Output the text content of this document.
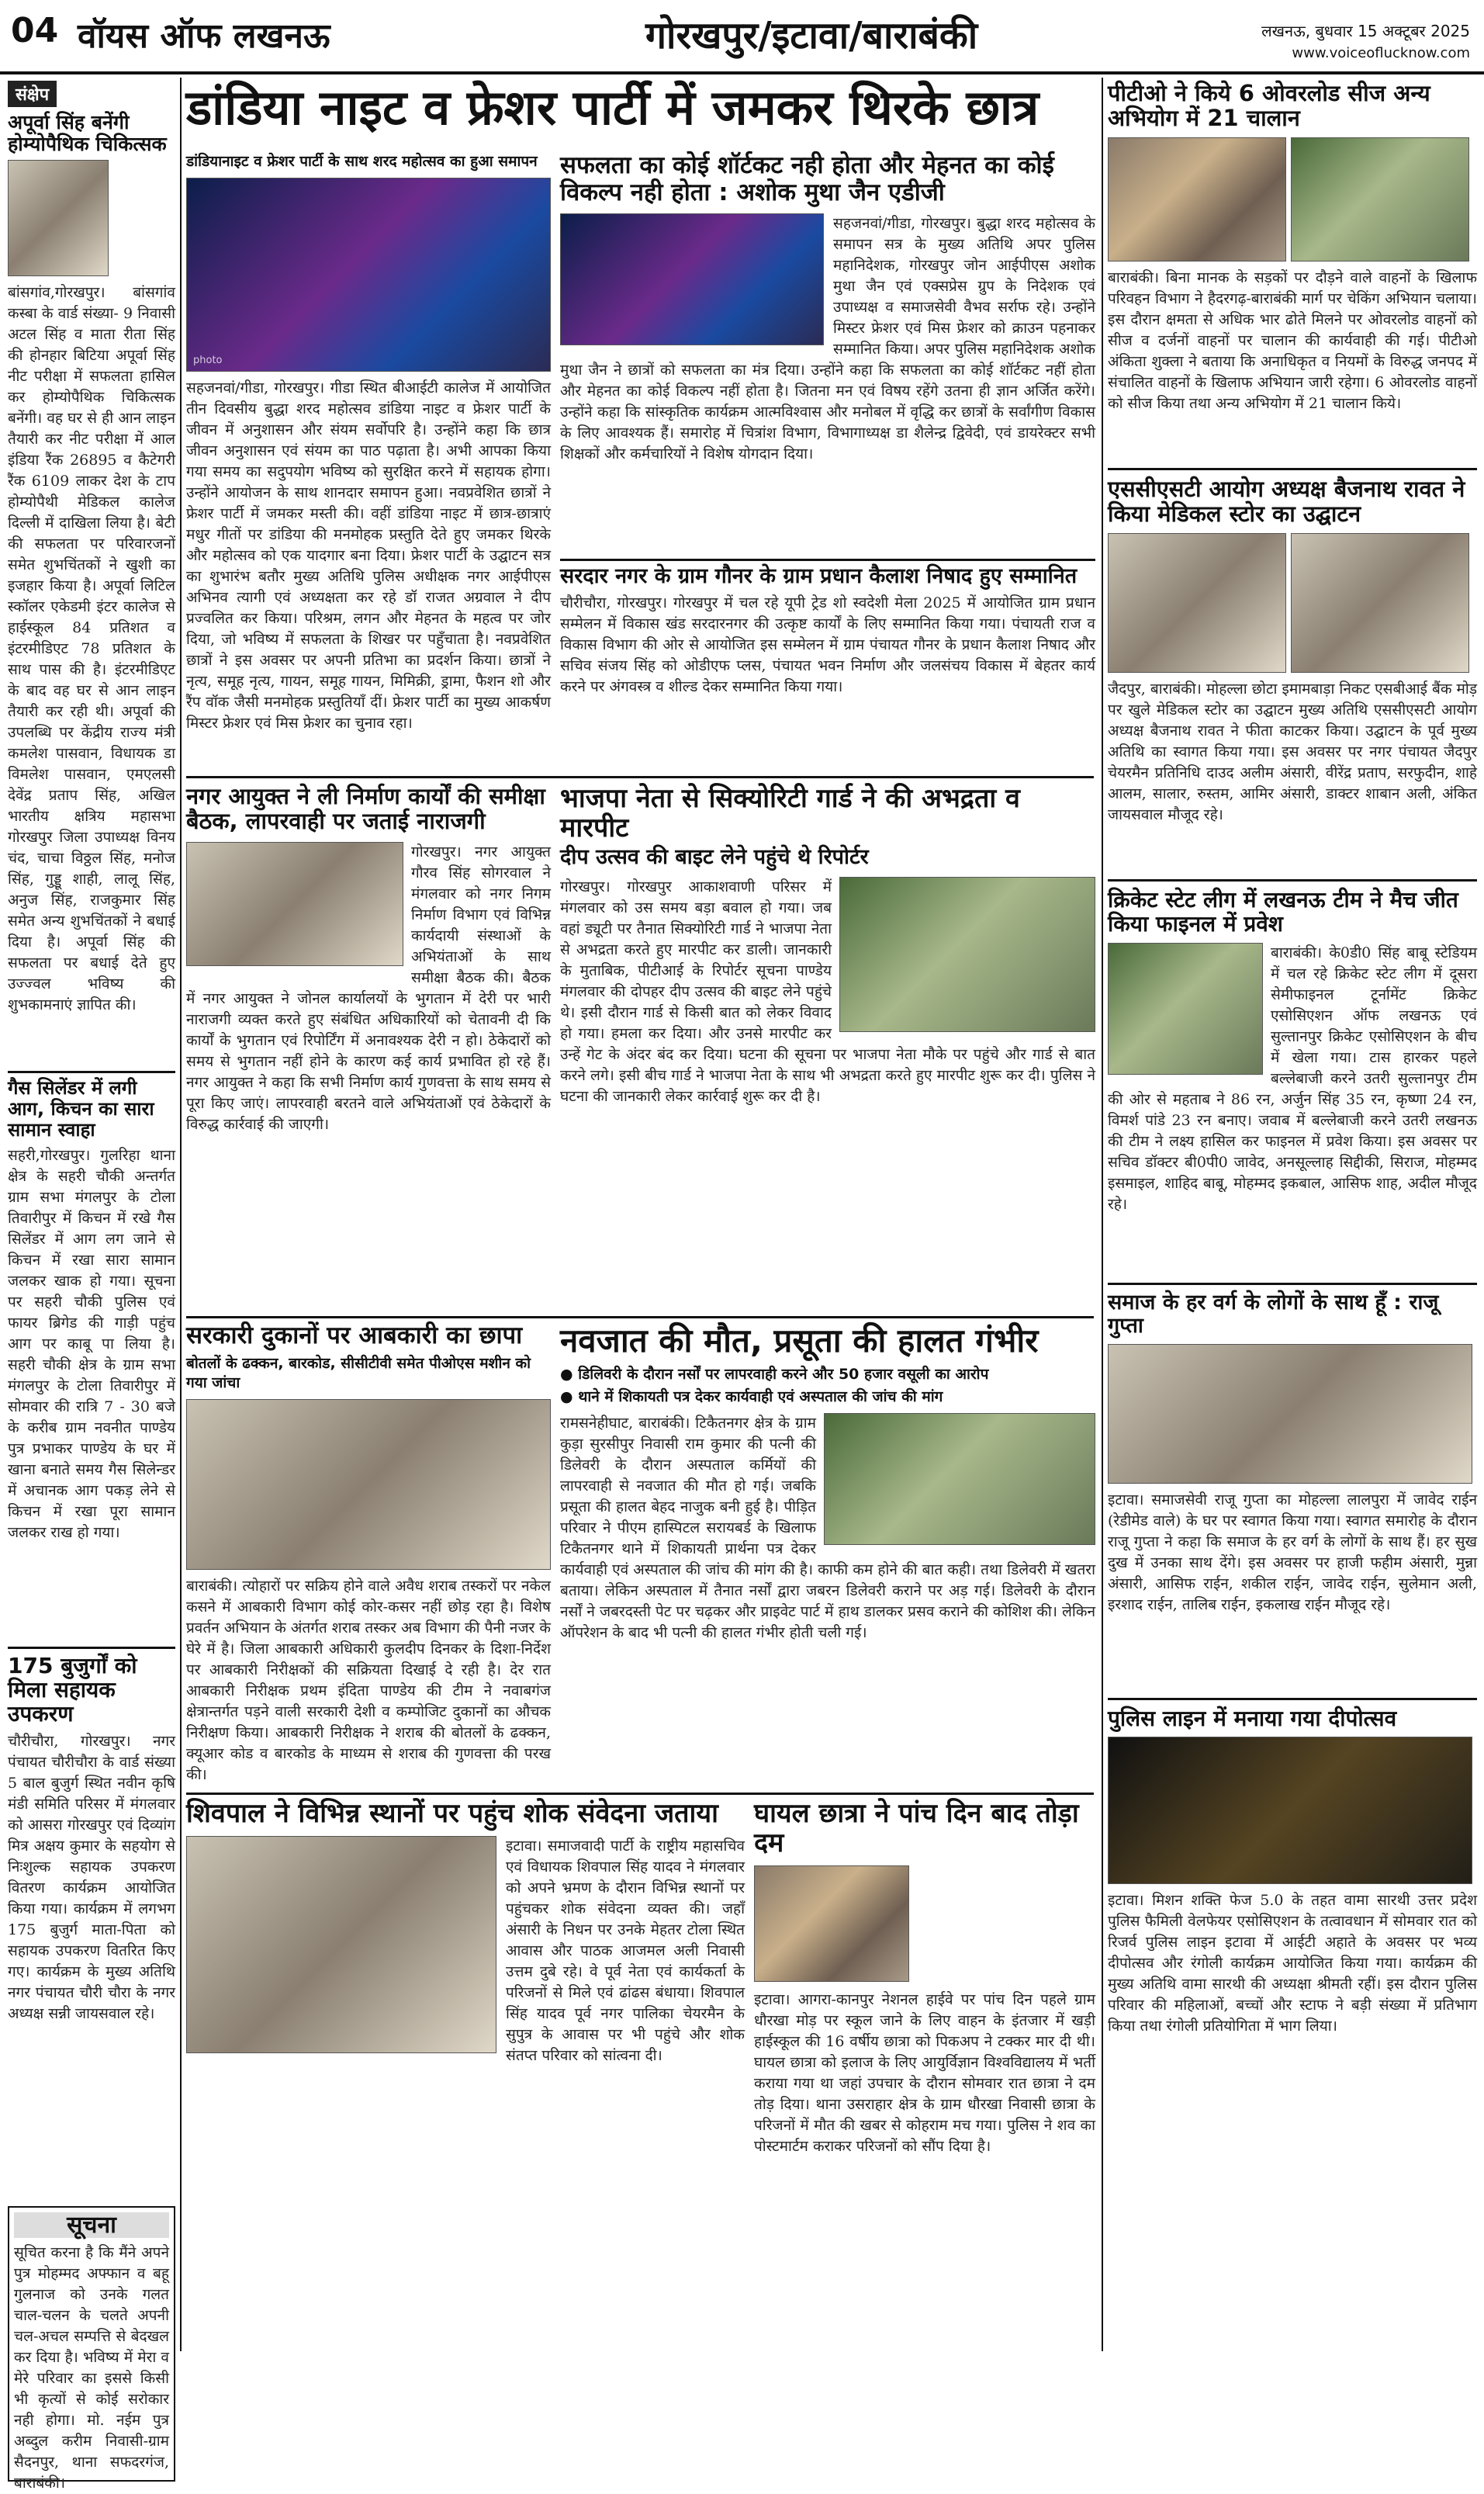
04 वॉयस ऑफ लखनऊ	गोरखपुर/इटावा/बाराबंकी	लखनऊ, बुधवार 15 अक्टूबर 2025
www.voiceoflucknow.com
संक्षेप
अपूर्वा सिंह बनेंगी होम्योपैथिक चिकित्सक
बांसगांव,गोरखपुर। बांसगांव कस्बा के वार्ड संख्या- 9 निवासी अटल सिंह व माता रीता सिंह की होनहार बिटिया अपूर्वा सिंह नीट परीक्षा में सफलता हासिल कर होम्योपैथिक चिकित्सक बनेंगी। वह घर से ही आन लाइन तैयारी कर नीट परीक्षा में आल इंडिया रैंक 26895 व कैटेगरी रैंक 6109 लाकर देश के टाप होम्योपैथी मेडिकल कालेज दिल्ली में दाखिला लिया है। बेटी की सफलता पर परिवारजनों समेत शुभचिंतकों ने खुशी का इजहार किया है। अपूर्वा लिटिल स्कॉलर एकेडमी इंटर कालेज से हाईस्कूल 84 प्रतिशत व इंटरमीडिएट 78 प्रतिशत के साथ पास की है। इंटरमीडिएट के बाद वह घर से आन लाइन तैयारी कर रही थी। अपूर्वा की उपलब्धि पर केंद्रीय राज्य मंत्री कमलेश पासवान, विधायक डा विमलेश पासवान, एमएलसी देवेंद्र प्रताप सिंह, अखिल भारतीय क्षत्रिय महासभा गोरखपुर जिला उपाध्यक्ष विनय चंद, चाचा विठ्ठल सिंह, मनोज सिंह, गुड्डू शाही, लालू सिंह, अनुज सिंह, राजकुमार सिंह समेत अन्य शुभचिंतकों ने बधाई दिया है। अपूर्वा सिंह की सफलता पर बधाई देते हुए उज्ज्वल भविष्य की शुभकामनाएं ज्ञापित की।
गैस सिलेंडर में लगी आग, किचन का सारा सामान स्वाहा
सहरी,गोरखपुर। गुलरिहा थाना क्षेत्र के सहरी चौकी अन्तर्गत ग्राम सभा मंगलपुर के टोला तिवारीपुर में किचन में रखे गैस सिलेंडर में आग लग जाने से किचन में रखा सारा सामान जलकर खाक हो गया। सूचना पर सहरी चौकी पुलिस एवं फायर ब्रिगेड की गाड़ी पहुंच आग पर काबू पा लिया है। सहरी चौकी क्षेत्र के ग्राम सभा मंगलपुर के टोला तिवारीपुर में सोमवार की रात्रि 7 - 30 बजे के करीब ग्राम नवनीत पाण्डेय पुत्र प्रभाकर पाण्डेय के घर में खाना बनाते समय गैस सिलेन्डर में अचानक आग पकड़ लेने से किचन में रखा पूरा सामान जलकर राख हो गया।
175 बुजुर्गों को मिला सहायक उपकरण
चौरीचौरा, गोरखपुर। नगर पंचायत चौरीचौरा के वार्ड संख्या 5 बाल बुजुर्ग स्थित नवीन कृषि मंडी समिति परिसर में मंगलवार को आसरा गोरखपुर एवं दिव्यांग मित्र अक्षय कुमार के सहयोग से निःशुल्क सहायक उपकरण वितरण कार्यक्रम आयोजित किया गया। कार्यक्रम में लगभग 175 बुजुर्ग माता-पिता को सहायक उपकरण वितरित किए गए। कार्यक्रम के मुख्य अतिथि नगर पंचायत चौरी चौरा के नगर अध्यक्ष सन्नी जायसवाल रहे।
सूचना
सूचित करना है कि मैंने अपने पुत्र मोहम्मद अफ्फान व बहू गुलनाज को उनके गलत चाल-चलन के चलते अपनी चल-अचल सम्पत्ति से बेदखल कर दिया है। भविष्य में मेरा व मेरे परिवार का इससे किसी भी कृत्यों से कोई सरोकार नही होगा। मो. नईम पुत्र अब्दुल करीम निवासी-ग्राम सैदनपुर, थाना सफदरगंज, बाराबंकी।
डांडिया नाइट व फ्रेशर पार्टी में जमकर थिरके छात्र
डांडियानाइट व फ्रेशर पार्टी के साथ शरद महोत्सव का हुआ समापन
photo
सहजनवां/गीडा, गोरखपुर। गीडा स्थित बीआईटी कालेज में आयोजित तीन दिवसीय बुद्धा शरद महोत्सव डांडिया नाइट व फ्रेशर पार्टी के जीवन में अनुशासन और संयम सर्वोपरि है। उन्होंने कहा कि छात्र जीवन अनुशासन एवं संयम का पाठ पढ़ाता है। अभी आपका किया गया समय का सदुपयोग भविष्य को सुरक्षित करने में सहायक होगा। उन्होंने आयोजन के साथ शानदार समापन हुआ। नवप्रवेशित छात्रों ने फ्रेशर पार्टी में जमकर मस्ती की। वहीं डांडिया नाइट में छात्र-छात्राएं मधुर गीतों पर डांडिया की मनमोहक प्रस्तुति देते हुए जमकर थिरके और महोत्सव को एक यादगार बना दिया। फ्रेशर पार्टी के उद्घाटन सत्र का शुभारंभ बतौर मुख्य अतिथि पुलिस अधीक्षक नगर आईपीएस अभिनव त्यागी एवं अध्यक्षता कर रहे डॉ राजत अग्रवाल ने दीप प्रज्वलित कर किया। परिश्रम, लगन और मेहनत के महत्व पर जोर दिया, जो भविष्य में सफलता के शिखर पर पहुँचाता है। नवप्रवेशित छात्रों ने इस अवसर पर अपनी प्रतिभा का प्रदर्शन किया। छात्रों ने नृत्य, समूह नृत्य, गायन, समूह गायन, मिमिक्री, ड्रामा, फैशन शो और रैंप वॉक जैसी मनमोहक प्रस्तुतियाँ दीं। फ्रेशर पार्टी का मुख्य आकर्षण मिस्टर फ्रेशर एवं मिस फ्रेशर का चुनाव रहा।
सफलता का कोई शॉर्टकट नही होता और मेहनत का कोई विकल्प नही होता : अशोक मुथा जैन एडीजी
सहजनवां/गीडा, गोरखपुर। बुद्धा शरद महोत्सव के समापन सत्र के मुख्य अतिथि अपर पुलिस महानिदेशक, गोरखपुर जोन आईपीएस अशोक मुथा जैन एवं एक्सप्रेस ग्रुप के निदेशक एवं उपाध्यक्ष व समाजसेवी वैभव सर्राफ रहे। उन्होंने मिस्टर फ्रेशर एवं मिस फ्रेशर को क्राउन पहनाकर सम्मानित किया। अपर पुलिस महानिदेशक अशोक मुथा जैन ने छात्रों को सफलता का मंत्र दिया। उन्होंने कहा कि सफलता का कोई शॉर्टकट नहीं होता और मेहनत का कोई विकल्प नहीं होता है। जितना मन एवं विषय रहेंगे उतना ही ज्ञान अर्जित करेंगे। उन्होंने कहा कि सांस्कृतिक कार्यक्रम आत्मविश्वास और मनोबल में वृद्धि कर छात्रों के सर्वांगीण विकास के लिए आवश्यक हैं। समारोह में चित्रांश विभाग, विभागाध्यक्ष डा शैलेन्द्र द्विवेदी, एवं डायरेक्टर सभी शिक्षकों और कर्मचारियों ने विशेष योगदान दिया।
सरदार नगर के ग्राम गौनर के ग्राम प्रधान कैलाश निषाद हुए सम्मानित
चौरीचौरा, गोरखपुर। गोरखपुर में चल रहे यूपी ट्रेड शो स्वदेशी मेला 2025 में आयोजित ग्राम प्रधान सम्मेलन में विकास खंड सरदारनगर की उत्कृष्ट कार्यों के लिए सम्मानित किया गया। पंचायती राज व विकास विभाग की ओर से आयोजित इस सम्मेलन में ग्राम पंचायत गौनर के प्रधान कैलाश निषाद और सचिव संजय सिंह को ओडीएफ प्लस, पंचायत भवन निर्माण और जलसंचय विकास में बेहतर कार्य करने पर अंगवस्त्र व शील्ड देकर सम्मानित किया गया।
नगर आयुक्त ने ली निर्माण कार्यों की समीक्षा बैठक, लापरवाही पर जताई नाराजगी
गोरखपुर। नगर आयुक्त गौरव सिंह सोगरवाल ने मंगलवार को नगर निगम निर्माण विभाग एवं विभिन्न कार्यदायी संस्थाओं के अभियंताओं के साथ समीक्षा बैठक की। बैठक में नगर आयुक्त ने जोनल कार्यालयों के भुगतान में देरी पर भारी नाराजगी व्यक्त करते हुए संबंधित अधिकारियों को चेतावनी दी कि कार्यों के भुगतान एवं रिपोर्टिंग में अनावश्यक देरी न हो। ठेकेदारों को समय से भुगतान नहीं होने के कारण कई कार्य प्रभावित हो रहे हैं। नगर आयुक्त ने कहा कि सभी निर्माण कार्य गुणवत्ता के साथ समय से पूरा किए जाएं। लापरवाही बरतने वाले अभियंताओं एवं ठेकेदारों के विरुद्ध कार्रवाई की जाएगी।
भाजपा नेता से सिक्योरिटी गार्ड ने की अभद्रता व मारपीट
दीप उत्सव की बाइट लेने पहुंचे थे रिपोर्टर
गोरखपुर। गोरखपुर आकाशवाणी परिसर में मंगलवार को उस समय बड़ा बवाल हो गया। जब वहां ड्यूटी पर तैनात सिक्योरिटी गार्ड ने भाजपा नेता से अभद्रता करते हुए मारपीट कर डाली। जानकारी के मुताबिक, पीटीआई के रिपोर्टर सूचना पाण्डेय मंगलवार की दोपहर दीप उत्सव की बाइट लेने पहुंचे थे। इसी दौरान गार्ड से किसी बात को लेकर विवाद हो गया। हमला कर दिया। और उनसे मारपीट कर उन्हें गेट के अंदर बंद कर दिया। घटना की सूचना पर भाजपा नेता मौके पर पहुंचे और गार्ड से बात करने लगे। इसी बीच गार्ड ने भाजपा नेता के साथ भी अभद्रता करते हुए मारपीट शुरू कर दी। पुलिस ने घटना की जानकारी लेकर कार्रवाई शुरू कर दी है।
सरकारी दुकानों पर आबकारी का छापा
बोतलों के ढक्कन, बारकोड, सीसीटीवी समेत पीओएस मशीन को गया जांचा
बाराबंकी। त्योहारों पर सक्रिय होने वाले अवैध शराब तस्करों पर नकेल कसने में आबकारी विभाग कोई कोर-कसर नहीं छोड़ रहा है। विशेष प्रवर्तन अभियान के अंतर्गत शराब तस्कर अब विभाग की पैनी नजर के घेरे में है। जिला आबकारी अधिकारी कुलदीप दिनकर के दिशा-निर्देश पर आबकारी निरीक्षकों की सक्रियता दिखाई दे रही है। देर रात आबकारी निरीक्षक प्रथम इंदिता पाण्डेय की टीम ने नवाबगंज क्षेत्रान्तर्गत पड़ने वाली सरकारी देशी व कम्पोजिट दुकानों का औचक निरीक्षण किया। आबकारी निरीक्षक ने शराब की बोतलों के ढक्कन, क्यूआर कोड व बारकोड के माध्यम से शराब की गुणवत्ता की परख की।
नवजात की मौत, प्रसूता की हालत गंभीर
● डिलिवरी के दौरान नर्सों पर लापरवाही करने और 50 हजार वसूली का आरोप
● थाने में शिकायती पत्र देकर कार्यवाही एवं अस्पताल की जांच की मांग
रामसनेहीघाट, बाराबंकी। टिकैतनगर क्षेत्र के ग्राम कुड़ा सुरसीपुर निवासी राम कुमार की पत्नी की डिलेवरी के दौरान अस्पताल कर्मियों की लापरवाही से नवजात की मौत हो गई। जबकि प्रसूता की हालत बेहद नाजुक बनी हुई है। पीड़ित परिवार ने पीएम हास्पिटल सरायबर्ड के खिलाफ टिकैतनगर थाने में शिकायती प्रार्थना पत्र देकर कार्यवाही एवं अस्पताल की जांच की मांग की है। काफी कम होने की बात कही। तथा डिलेवरी में खतरा बताया। लेकिन अस्पताल में तैनात नर्सों द्वारा जबरन डिलेवरी कराने पर अड़ गई। डिलेवरी के दौरान नर्सों ने जबरदस्ती पेट पर चढ़कर और प्राइवेट पार्ट में हाथ डालकर प्रसव कराने की कोशिश की। लेकिन ऑपरेशन के बाद भी पत्नी की हालत गंभीर होती चली गई।
शिवपाल ने विभिन्न स्थानों पर पहुंच शोक संवेदना जताया
इटावा। समाजवादी पार्टी के राष्ट्रीय महासचिव एवं विधायक शिवपाल सिंह यादव ने मंगलवार को अपने भ्रमण के दौरान विभिन्न स्थानों पर पहुंचकर शोक संवेदना व्यक्त की। जहाँ अंसारी के निधन पर उनके मेहतर टोला स्थित आवास और पाठक आजमल अली निवासी उत्तम दुबे रहे। वे पूर्व नेता एवं कार्यकर्ता के परिजनों से मिले एवं ढांढस बंधाया। शिवपाल सिंह यादव पूर्व नगर पालिका चेयरमैन के सुपुत्र के आवास पर भी पहुंचे और शोक संतप्त परिवार को सांत्वना दी।
घायल छात्रा ने पांच दिन बाद तोड़ा दम
इटावा। आगरा-कानपुर नेशनल हाईवे पर पांच दिन पहले ग्राम धौरखा मोड़ पर स्कूल जाने के लिए वाहन के इंतजार में खड़ी हाईस्कूल की 16 वर्षीय छात्रा को पिकअप ने टक्कर मार दी थी। घायल छात्रा को इलाज के लिए आयुर्विज्ञान विश्वविद्यालय में भर्ती कराया गया था जहां उपचार के दौरान सोमवार रात छात्रा ने दम तोड़ दिया। थाना उसराहार क्षेत्र के ग्राम धौरखा निवासी छात्रा के परिजनों में मौत की खबर से कोहराम मच गया। पुलिस ने शव का पोस्टमार्टम कराकर परिजनों को सौंप दिया है।
पीटीओ ने किये 6 ओवरलोड सीज अन्य अभियोग में 21 चालान
बाराबंकी। बिना मानक के सड़कों पर दौड़ने वाले वाहनों के खिलाफ परिवहन विभाग ने हैदरगढ़-बाराबंकी मार्ग पर चेकिंग अभियान चलाया। इस दौरान क्षमता से अधिक भार ढोते मिलने पर ओवरलोड वाहनों को सीज व दर्जनों वाहनों पर चालान की कार्यवाही की गई। पीटीओ अंकिता शुक्ला ने बताया कि अनाधिकृत व नियमों के विरुद्ध जनपद में संचालित वाहनों के खिलाफ अभियान जारी रहेगा। 6 ओवरलोड वाहनों को सीज किया तथा अन्य अभियोग में 21 चालान किये।
एससीएसटी आयोग अध्यक्ष बैजनाथ रावत ने किया मेडिकल स्टोर का उद्घाटन
जैदपुर, बाराबंकी। मोहल्ला छोटा इमामबाड़ा निकट एसबीआई बैंक मोड़ पर खुले मेडिकल स्टोर का उद्घाटन मुख्य अतिथि एससीएसटी आयोग अध्यक्ष बैजनाथ रावत ने फीता काटकर किया। उद्घाटन के पूर्व मुख्य अतिथि का स्वागत किया गया। इस अवसर पर नगर पंचायत जैदपुर चेयरमैन प्रतिनिधि दाउद अलीम अंसारी, वीरेंद्र प्रताप, सरफुदीन, शाहे आलम, सालार, रुस्तम, आमिर अंसारी, डाक्टर शाबान अली, अंकित जायसवाल मौजूद रहे।
क्रिकेट स्टेट लीग में लखनऊ टीम ने मैच जीत किया फाइनल में प्रवेश
बाराबंकी। के0डी0 सिंह बाबू स्टेडियम में चल रहे क्रिकेट स्टेट लीग में दूसरा सेमीफाइनल टूर्नामेंट क्रिकेट एसोसिएशन ऑफ लखनऊ एवं सुल्तानपुर क्रिकेट एसोसिएशन के बीच में खेला गया। टास हारकर पहले बल्लेबाजी करने उतरी सुल्तानपुर टीम की ओर से महताब ने 86 रन, अर्जुन सिंह 35 रन, कृष्णा 24 रन, विमर्श पांडे 23 रन बनाए। जवाब में बल्लेबाजी करने उतरी लखनऊ की टीम ने लक्ष्य हासिल कर फाइनल में प्रवेश किया। इस अवसर पर सचिव डॉक्टर बी0पी0 जावेद, अनसूल्लाह सिद्दीकी, सिराज, मोहम्मद इसमाइल, शाहिद बाबू, मोहम्मद इकबाल, आसिफ शाह, अदील मौजूद रहे।
समाज के हर वर्ग के लोगों के साथ हूँ : राजू गुप्ता
इटावा। समाजसेवी राजू गुप्ता का मोहल्ला लालपुरा में जावेद राईन (रेडीमेड वाले) के घर पर स्वागत किया गया। स्वागत समारोह के दौरान राजू गुप्ता ने कहा कि समाज के हर वर्ग के लोगों के साथ हैं। हर सुख दुख में उनका साथ देंगे। इस अवसर पर हाजी फहीम अंसारी, मुन्ना अंसारी, आसिफ राईन, शकील राईन, जावेद राईन, सुलेमान अली, इरशाद राईन, तालिब राईन, इकलाख राईन मौजूद रहे।
पुलिस लाइन में मनाया गया दीपोत्सव
इटावा। मिशन शक्ति फेज 5.0 के तहत वामा सारथी उत्तर प्रदेश पुलिस फैमिली वेलफेयर एसोसिएशन के तत्वावधान में सोमवार रात को रिजर्व पुलिस लाइन इटावा में आईटी अहाते के अवसर पर भव्य दीपोत्सव और रंगोली कार्यक्रम आयोजित किया गया। कार्यक्रम की मुख्य अतिथि वामा सारथी की अध्यक्षा श्रीमती रहीं। इस दौरान पुलिस परिवार की महिलाओं, बच्चों और स्टाफ ने बड़ी संख्या में प्रतिभाग किया तथा रंगोली प्रतियोगिता में भाग लिया।
